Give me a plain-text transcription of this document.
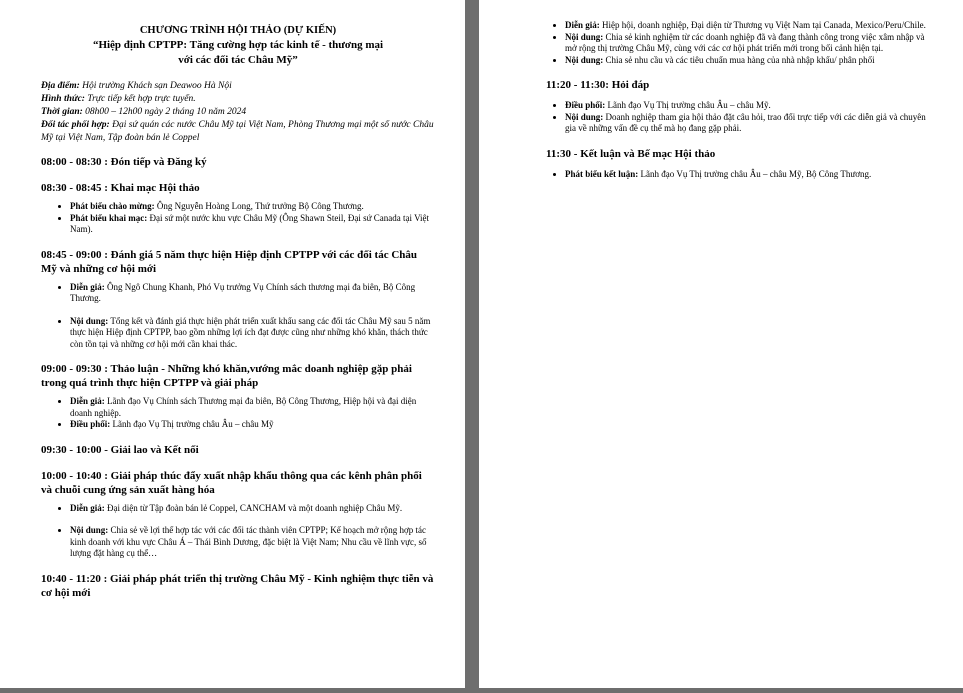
CHƯƠNG TRÌNH HỘI THẢO (DỰ KIẾN)
“Hiệp định CPTPP: Tăng cường hợp tác kinh tế - thương mại
với các đối tác Châu Mỹ”
Địa điểm: Hội trường Khách sạn Deawoo Hà Nội
Hình thức: Trực tiếp kết hợp trực tuyến.
Thời gian: 08h00 – 12h00 ngày 2 tháng 10 năm 2024
Đối tác phối hợp: Đại sứ quán các nước Châu Mỹ tại Việt Nam, Phòng Thương mại một số nước Châu Mỹ tại Việt Nam, Tập đoàn bán lẻ Coppel
08:00 - 08:30 : Đón tiếp và Đăng ký
08:30 - 08:45 : Khai mạc Hội thảo
• Phát biểu chào mừng: Ông Nguyễn Hoàng Long, Thứ trưởng Bộ Công Thương.
• Phát biểu khai mạc: Đại sứ một nước khu vực Châu Mỹ (Ông Shawn Steil, Đại sứ Canada tại Việt Nam).
08:45 - 09:00 : Đánh giá 5 năm thực hiện Hiệp định CPTPP với các đối tác Châu Mỹ và những cơ hội mới
• Diễn giả: Ông Ngô Chung Khanh, Phó Vụ trưởng Vụ Chính sách thương mại đa biên, Bộ Công Thương.
• Nội dung: Tổng kết và đánh giá thực hiện phát triển xuất khẩu sang các đối tác Châu Mỹ sau 5 năm thực hiện Hiệp định CPTPP, bao gồm những lợi ích đạt được cũng như những khó khăn, thách thức còn tồn tại và những cơ hội mới cần khai thác.
09:00 - 09:30 : Thảo luận - Những khó khăn,vướng mắc doanh nghiệp gặp phải trong quá trình thực hiện CPTPP và giải pháp
• Diễn giả: Lãnh đạo Vụ Chính sách Thương mại đa biên, Bộ Công Thương, Hiệp hội và đại diện doanh nghiệp.
• Điều phối: Lãnh đạo Vụ Thị trường châu Âu – châu Mỹ
09:30 - 10:00 - Giải lao và Kết nối
10:00 - 10:40 : Giải pháp thúc đẩy xuất nhập khẩu thông qua các kênh phân phối và chuỗi cung ứng sản xuất hàng hóa
• Diễn giả: Đại diện từ Tập đoàn bán lẻ Coppel, CANCHAM và một doanh nghiệp Châu Mỹ.
• Nội dung: Chia sẻ về lợi thế hợp tác với các đối tác thành viên CPTPP; Kế hoạch mở rộng hợp tác kinh doanh với khu vực Châu Á – Thái Bình Dương, đặc biệt là Việt Nam; Nhu cầu về lĩnh vực, số lượng đặt hàng cụ thể…
10:40 - 11:20 : Giải pháp phát triển thị trường Châu Mỹ - Kinh nghiệm thực tiễn và cơ hội mới
• Diễn giả: Hiệp hội, doanh nghiệp, Đại diện từ Thương vụ Việt Nam tại Canada, Mexico/Peru/Chile.
• Nội dung: Chia sẻ kinh nghiệm từ các doanh nghiệp đã và đang thành công trong việc xâm nhập và mở rộng thị trường Châu Mỹ, cùng với các cơ hội phát triển mới trong bối cảnh hiện tại.
• Nội dung: Chia sẻ nhu cầu và các tiêu chuẩn mua hàng của nhà nhập khẩu/ phân phối
11:20 - 11:30: Hỏi đáp
• Điều phối: Lãnh đạo Vụ Thị trường châu Âu – châu Mỹ.
• Nội dung: Doanh nghiệp tham gia hội thảo đặt câu hỏi, trao đổi trực tiếp với các diễn giả và chuyên gia về những vấn đề cụ thể mà họ đang gặp phải.
11:30 - Kết luận và Bế mạc Hội thảo
• Phát biểu kết luận: Lãnh đạo Vụ Thị trường châu Âu – châu Mỹ, Bộ Công Thương.
